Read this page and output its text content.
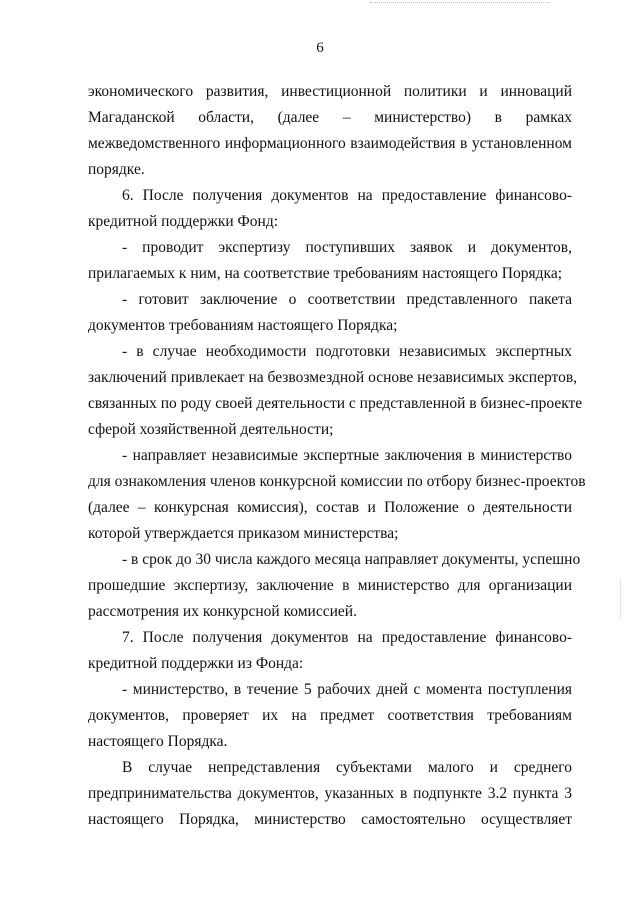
6
экономического развития, инвестиционной политики и инноваций
Магаданской области, (далее – министерство) в рамках
межведомственного информационного взаимодействия в установленном
порядке.
6. После получения документов на предоставление финансово-
кредитной поддержки Фонд:
- проводит экспертизу поступивших заявок и документов,
прилагаемых к ним, на соответствие требованиям настоящего Порядка;
- готовит заключение о соответствии представленного пакета
документов требованиям настоящего Порядка;
- в случае необходимости подготовки независимых экспертных
заключений привлекает на безвозмездной основе независимых экспертов,
связанных по роду своей деятельности с представленной в бизнес-проекте
сферой хозяйственной деятельности;
- направляет независимые экспертные заключения в министерство
для ознакомления членов конкурсной комиссии по отбору бизнес-проектов
(далее – конкурсная комиссия), состав и Положение о деятельности
которой утверждается приказом министерства;
- в срок до 30 числа каждого месяца направляет документы, успешно
прошедшие экспертизу, заключение в министерство для организации
рассмотрения их конкурсной комиссией.
7. После получения документов на предоставление финансово-
кредитной поддержки из Фонда:
- министерство, в течение 5 рабочих дней с момента поступления
документов, проверяет их на предмет соответствия требованиям
настоящего Порядка.
В случае непредставления субъектами малого и среднего
предпринимательства документов, указанных в подпункте 3.2 пункта 3
настоящего Порядка, министерство самостоятельно осуществляет
